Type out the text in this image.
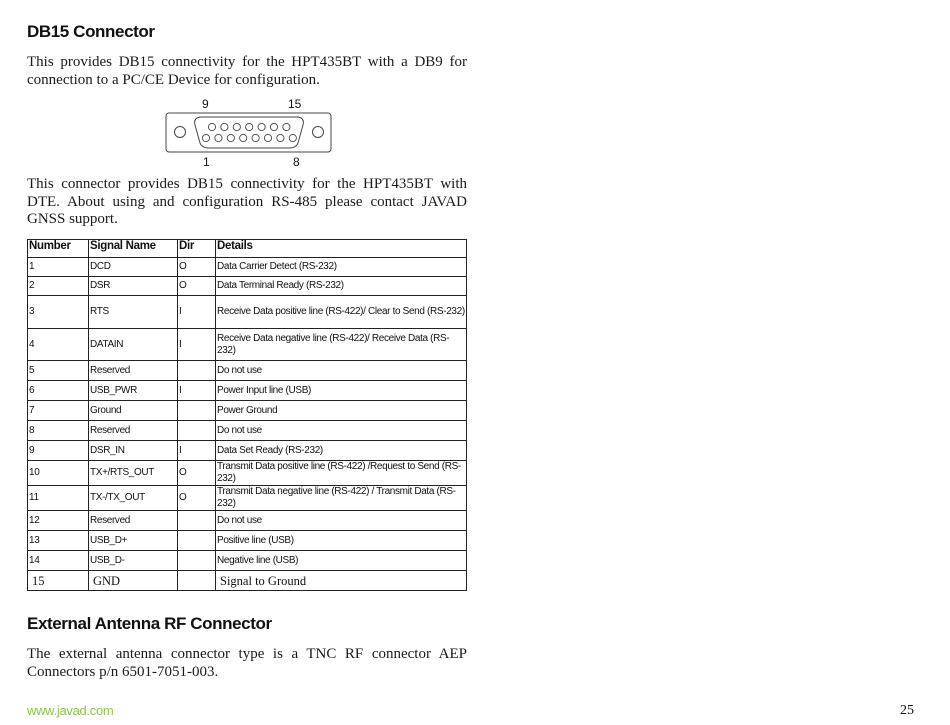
DB15 Connector

This provides DB15 connectivity for the HPT435BT with a DB9 for connection to a PC/CE Device for configuration.

9	15
1	8

This connector provides DB15 connectivity for the HPT435BT with DTE. About using and configuration RS-485 please contact JAVAD GNSS support.

Number	Signal Name	Dir	Details
1	DCD	O	Data Carrier Detect (RS-232)
2	DSR	O	Data Terminal Ready (RS-232)
3	RTS	I	Receive Data positive line (RS-422)/ Clear to Send (RS-232)
4	DATAIN	I	Receive Data negative line (RS-422)/ Receive Data (RS-232)
5	Reserved		Do not use
6	USB_PWR	I	Power Input line (USB)
7	Ground		Power Ground
8	Reserved		Do not use
9	DSR_IN	I	Data Set Ready (RS-232)
10	TX+/RTS_OUT	O	Transmit Data positive line (RS-422) /Request to Send (RS-232)
11	TX-/TX_OUT	O	Transmit Data negative line (RS-422) / Transmit Data (RS-232)
12	Reserved		Do not use
13	USB_D+		Positive line (USB)
14	USB_D-		Negative line (USB)
15	GND		Signal to Ground
External Antenna RF Connector

The external antenna connector type is a TNC RF connector AEP Connectors p/n 6501-7051-003.

www.javad.com	25
